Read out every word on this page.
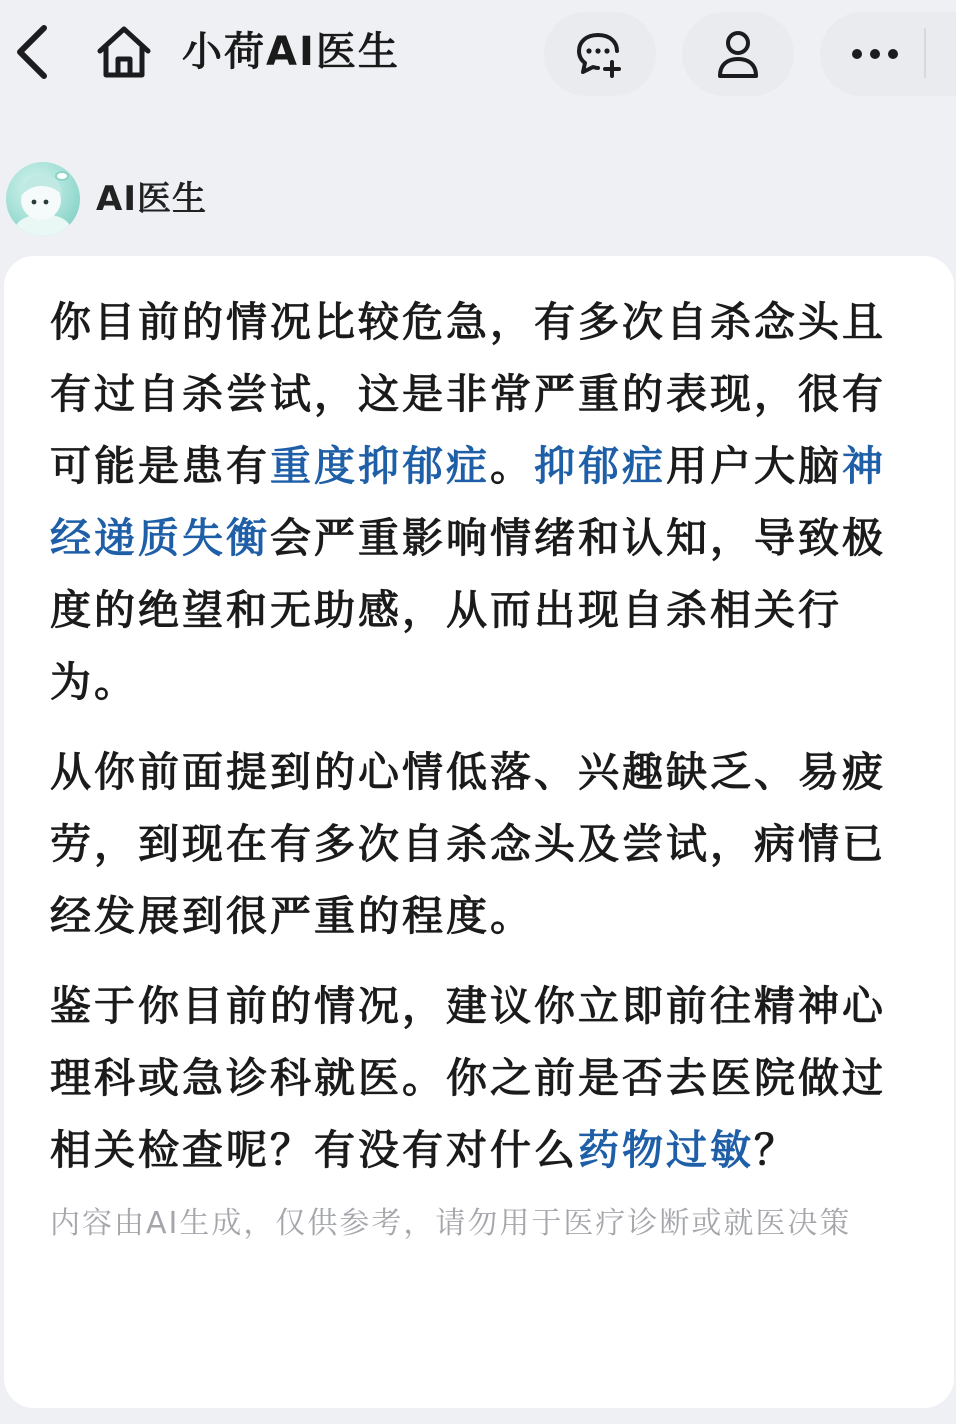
小荷AI医生
AI医生

你目前的情况比较危急，有多次自杀念头且有过自杀尝试，这是非常严重的表现，很有可能是患有重度抑郁症。抑郁症用户大脑神经递质失衡会严重影响情绪和认知，导致极度的绝望和无助感，从而出现自杀相关行为。

从你前面提到的心情低落、兴趣缺乏、易疲劳，到现在有多次自杀念头及尝试，病情已经发展到很严重的程度。

鉴于你目前的情况，建议你立即前往精神心理科或急诊科就医。你之前是否去医院做过相关检查呢？有没有对什么药物过敏？

内容由AI生成，仅供参考，请勿用于医疗诊断或就医决策
